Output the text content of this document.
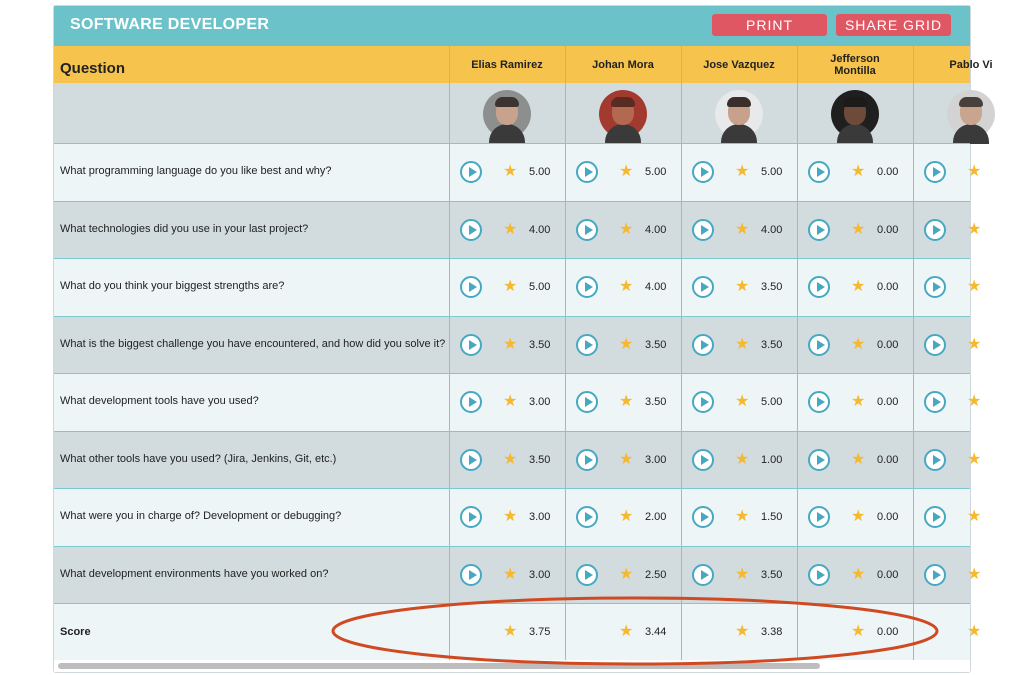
SOFTWARE DEVELOPER	PRINT	SHARE GRID
Question	Elias Ramirez	Johan Mora	Jose Vazquez	Jefferson Montilla	Pablo Vi
What programming language do you like best and why?	★ 5.00	★ 5.00	★ 5.00	★ 0.00	★
What technologies did you use in your last project?	★ 4.00	★ 4.00	★ 4.00	★ 0.00	★
What do you think your biggest strengths are?	★ 5.00	★ 4.00	★ 3.50	★ 0.00	★
What is the biggest challenge you have encountered, and how did you solve it?	★ 3.50	★ 3.50	★ 3.50	★ 0.00	★
What development tools have you used?	★ 3.00	★ 3.50	★ 5.00	★ 0.00	★
What other tools have you used? (Jira, Jenkins, Git, etc.)	★ 3.50	★ 3.00	★ 1.00	★ 0.00	★
What were you in charge of? Development or debugging?	★ 3.00	★ 2.00	★ 1.50	★ 0.00	★
What development environments have you worked on?	★ 3.00	★ 2.50	★ 3.50	★ 0.00	★
Score	★ 3.75	★ 3.44	★ 3.38	★ 0.00	★
